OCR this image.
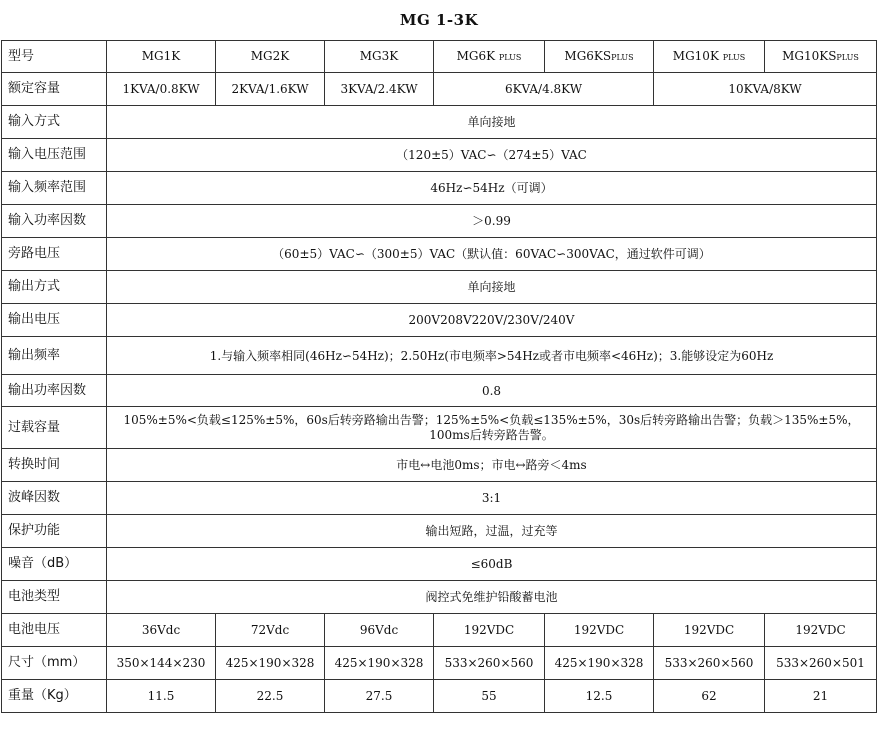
MG 1-3K
型号	MG1K	MG2K	MG3K	MG6K PLUS	MG6KSPLUS	MG10K PLUS	MG10KSPLUS
额定容量	1KVA/0.8KW	2KVA/1.6KW	3KVA/2.4KW	6KVA/4.8KW		10KVA/8KW	
输入方式	单向接地						
输入电压范围	（120±5）VAC∽（274±5）VAC						
输入频率范围	46Hz∽54Hz（可调）						
输入功率因数	＞0.99						
旁路电压	（60±5）VAC∽（300±5）VAC（默认值：60VAC∽300VAC，通过软件可调）						
输出方式	单向接地						
输出电压	200V208V220V/230V/240V						
输出频率	1.与输入频率相同(46Hz∽54Hz)；2.50Hz(市电频率>54Hz或者市电频率<46Hz)；3.能够设定为60Hz						
输出功率因数	0.8						
过载容量	105%±5%<负载≤125%±5%，60s后转旁路输出告警；125%±5%<负载≤135%±5%，30s后转旁路输出告警；负载＞135%±5%，100ms后转旁路告警。						
转换时间	市电↔电池0ms；市电↔路旁＜4ms						
波峰因数	3:1						
保护功能	输出短路，过温，过充等						
噪音（dB）	≤60dB						
电池类型	阀控式免维护铅酸蓄电池						
电池电压	36Vdc	72Vdc	96Vdc	192VDC	192VDC	192VDC	192VDC
尺寸（mm）	350×144×230	425×190×328	425×190×328	533×260×560	425×190×328	533×260×560	533×260×501
重量（Kg）	11.5	22.5	27.5	55	12.5	62	21
